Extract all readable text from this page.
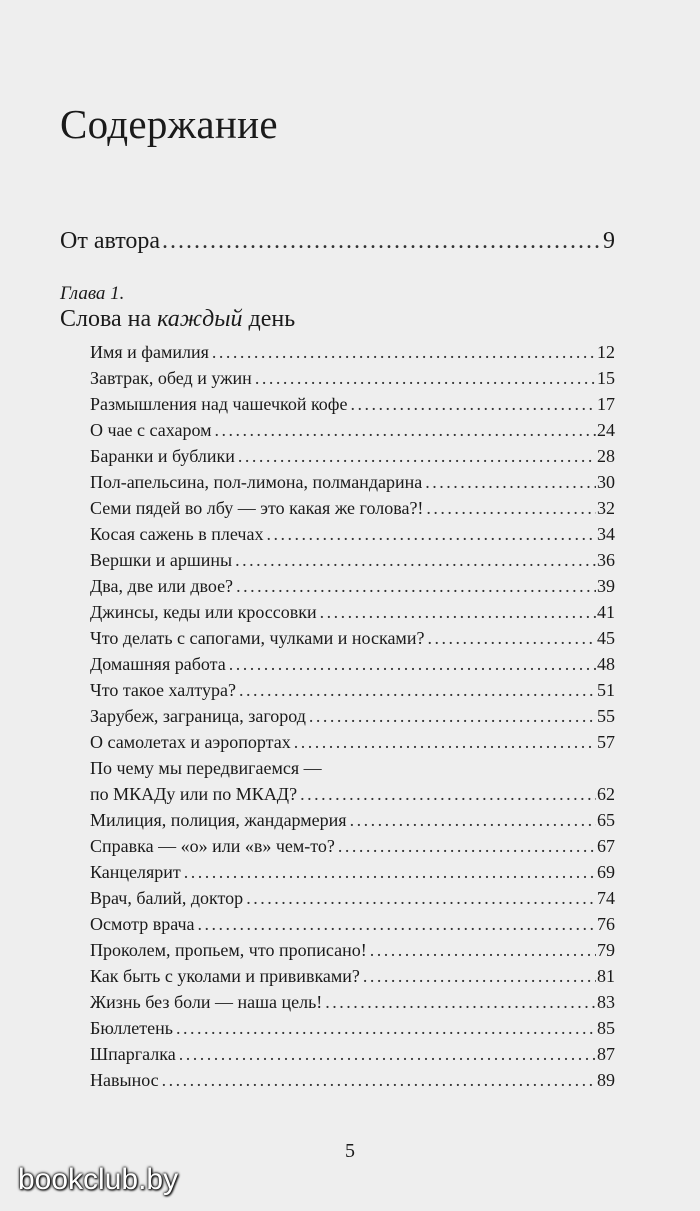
Содержание
От автора .....	9
Глава 1.
Слова на каждый день
Имя и фамилия .....	12
Завтрак, обед и ужин .....	15
Размышления над чашечкой кофе .....	17
О чае с сахаром .....	24
Баранки и бублики .....	28
Пол-апельсина, пол-лимона, полмандарина .....	30
Семи пядей во лбу — это какая же голова?! .....	32
Косая сажень в плечах .....	34
Вершки и аршины .....	36
Два, две или двое? .....	39
Джинсы, кеды или кроссовки .....	41
Что делать с сапогами, чулками и носками? .....	45
Домашняя работа .....	48
Что такое халтура? .....	51
Зарубеж, заграница, загород .....	55
О самолетах и аэропортах .....	57
По чему мы передвигаемся —
по МКАДу или по МКАД? .....	62
Милиция, полиция, жандармерия .....	65
Справка — «о» или «в» чем-то? .....	67
Канцелярит .....	69
Врач, балий, доктор .....	74
Осмотр врача .....	76
Проколем, пропьем, что прописано! .....	79
Как быть с уколами и прививками? .....	81
Жизнь без боли — наша цель! .....	83
Бюллетень .....	85
Шпаргалка .....	87
Навынос .....	89
5
bookclub.by
